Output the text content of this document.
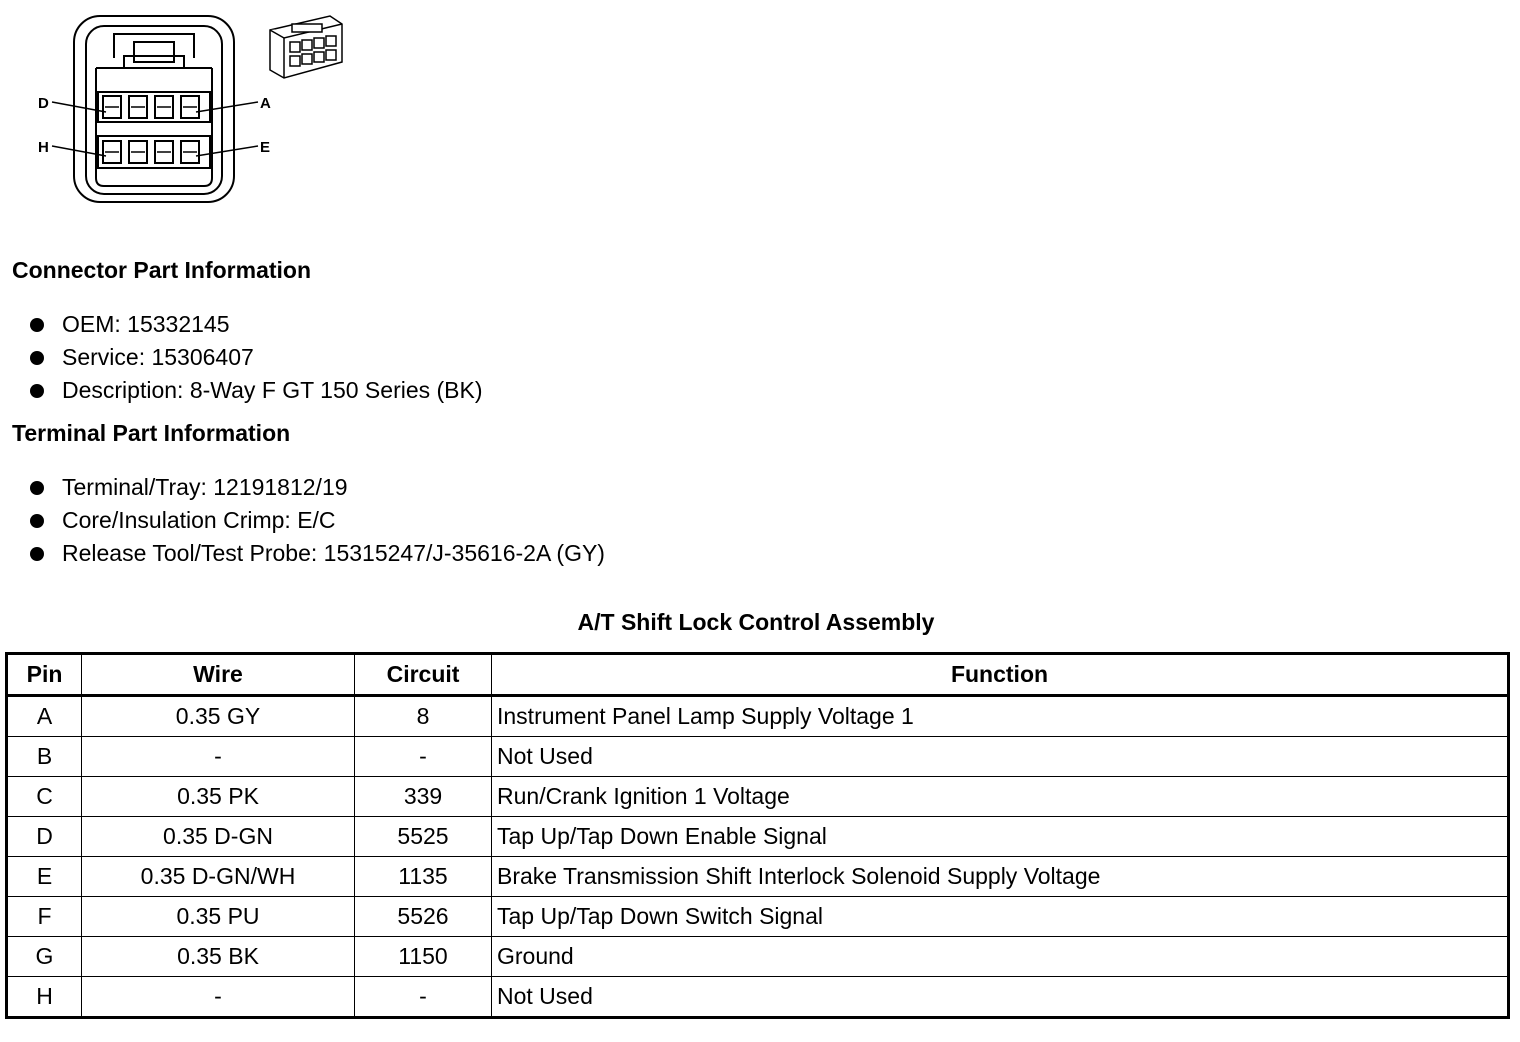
D	A
H	E
Connector Part Information
OEM: 15332145
Service: 15306407
Description: 8-Way F GT 150 Series (BK)
Terminal Part Information
Terminal/Tray: 12191812/19
Core/Insulation Crimp: E/C
Release Tool/Test Probe: 15315247/J-35616-2A (GY)
A/T Shift Lock Control Assembly
Pin	Wire	Circuit	Function
A	0.35 GY	8	Instrument Panel Lamp Supply Voltage 1
B	-	-	Not Used
C	0.35 PK	339	Run/Crank Ignition 1 Voltage
D	0.35 D-GN	5525	Tap Up/Tap Down Enable Signal
E	0.35 D-GN/WH	1135	Brake Transmission Shift Interlock Solenoid Supply Voltage
F	0.35 PU	5526	Tap Up/Tap Down Switch Signal
G	0.35 BK	1150	Ground
H	-	-	Not Used
